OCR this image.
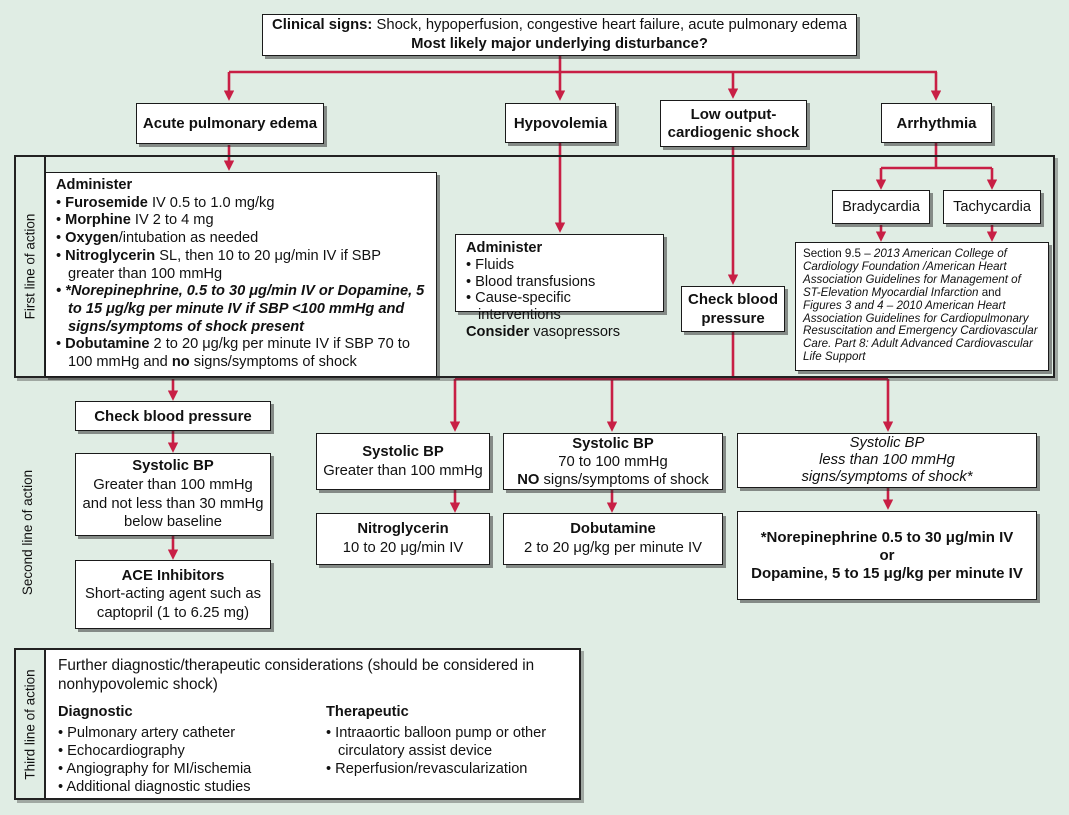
Clinical signs: Shock, hypoperfusion, congestive heart failure, acute pulmonary edema
Most likely major underlying disturbance?
Acute pulmonary edema	Hypovolemia
Low output-
cardiogenic shock
Arrhythmia
First line of action
Administer
• Furosemide IV 0.5 to 1.0 mg/kg
• Morphine IV 2 to 4 mg
• Oxygen/intubation as needed
• Nitroglycerin SL, then 10 to 20 μg/min IV if SBP greater than 100 mmHg
• *Norepinephrine, 0.5 to 30 μg/min IV or Dopamine, 5 to 15 μg/kg per minute IV if SBP <100 mmHg and signs/symptoms of shock present
• Dobutamine 2 to 20 μg/kg per minute IV if SBP 70 to 100 mmHg and no signs/symptoms of shock
Administer
• Fluids
• Blood transfusions
• Cause-specific interventions
Consider vasopressors
Check blood pressure
Bradycardia	Tachycardia
Section 9.5 – 2013 American College of Cardiology Foundation /American Heart Association Guidelines for Management of ST-Elevation Myocardial Infarction and Figures 3 and 4 – 2010 American Heart Association Guidelines for Cardiopulmonary Resuscitation and Emergency Cardiovascular Care. Part 8: Adult Advanced Cardiovascular Life Support
Second line of action
Check blood pressure
Systolic BP
Greater than 100 mmHg
and not less than 30 mmHg
below baseline
ACE Inhibitors
Short-acting agent such as
captopril (1 to 6.25 mg)
Systolic BP
Greater than 100 mmHg
Nitroglycerin
10 to 20 μg/min IV
Systolic BP
70 to 100 mmHg
NO signs/symptoms of shock
Dobutamine
2 to 20 μg/kg per minute IV
Systolic BP
less than 100 mmHg
signs/symptoms of shock*
*Norepinephrine 0.5 to 30 μg/min IV
or
Dopamine, 5 to 15 μg/kg per minute IV
Third line of action
Further diagnostic/therapeutic considerations (should be considered in nonhypovolemic shock)
Diagnostic
• Pulmonary artery catheter
• Echocardiography
• Angiography for MI/ischemia
• Additional diagnostic studies
Therapeutic
• Intraaortic balloon pump or other circulatory assist device
• Reperfusion/revascularization
